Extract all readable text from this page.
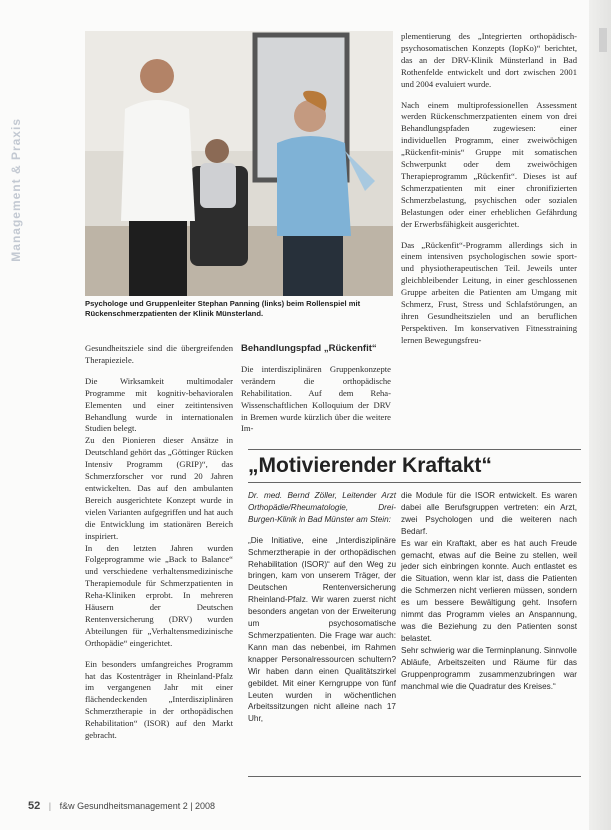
Management & Praxis
Psychologe und Gruppenleiter Stephan Panning (links) beim Rollenspiel mit Rückenschmerzpatienten der Klinik Münsterland.

plementierung des „Integrierten orthopädisch-psychosomatischen Konzepts (IopKo)“ berichtet, das an der DRV-Klinik Münsterland in Bad Rothenfelde entwickelt und dort zwischen 2001 und 2004 evaluiert wurde.

Nach einem multiprofessionellen Assessment werden Rückenschmerzpatienten einem von drei Behandlungspfaden zugewiesen: einer individuellen Programm, einer zweiwöchigen „Rückenfit-minis“ Gruppe mit somatischen Schwerpunkt oder dem zweiwöchigen Therapieprogramm „Rückenfit“. Dieses ist auf Schmerzpatienten mit einer chronifizierten Schmerzbelastung, psychischen oder sozialen Belastungen oder einer erheblichen Gefährdung der Erwerbsfähigkeit ausgerichtet.

Das „Rückenfit“-Programm allerdings sich in einem intensiven psychologischen sowie sport- und physiotherapeutischen Teil. Jeweils unter gleichbleibender Leitung, in einer geschlossenen Gruppe arbeiten die Patienten am Umgang mit Schmerz, Frust, Stress und Schlafstörungen, an ihren Gesundheitszielen und an beruflichen Perspektiven. Im konservativen Fitnesstraining lernen Bewegungsfreu-

Gesundheitsziele sind die übergreifenden Therapieziele.

Die Wirksamkeit multimodaler Programme mit kognitiv-behavioralen Elementen und einer zeitintensiven Behandlung wurde in internationalen Studien belegt.

Zu den Pionieren dieser Ansätze in Deutschland gehört das „Göttinger Rücken Intensiv Programm (GRIP)“, das Schmerzforscher vor rund 20 Jahren entwickelten. Das auf den ambulanten Bereich ausgerichtete Konzept wurde in vielen Varianten aufgegriffen und hat auch die Entwicklung im stationären Bereich inspiriert.

In den letzten Jahren wurden Folgeprogramme wie „Back to Balance“ und verschiedene verhaltensmedizinische Therapiemodule für Schmerzpatienten in Reha-Kliniken erprobt. In mehreren Häusern der Deutschen Rentenversicherung (DRV) wurden Abteilungen für „Verhaltensmedizinische Orthopädie“ eingerichtet.

Ein besonders umfangreiches Programm hat das Kostenträger in Rheinland-Pfalz im vergangenen Jahr mit einer flächendeckenden „Interdisziplinären Schmerztherapie in der orthopädischen Rehabilitation“ (ISOR) auf den Markt gebracht.

Behandlungspfad „Rückenfit“

Die interdisziplinären Gruppenkonzepte verändern die orthopädische Rehabilitation. Auf dem Reha-Wissenschaftlichen Kolloquium der DRV in Bremen wurde kürzlich über die weitere Im-

„Motivierender Kraftakt“

Dr. med. Bernd Zöller, Leitender Arzt Orthopädie/Rheumatologie, Drei-Burgen-Klinik in Bad Münster am Stein:

„Die Initiative, eine „Interdisziplinäre Schmerztherapie in der orthopädischen Rehabilitation (ISOR)“ auf den Weg zu bringen, kam von unserem Träger, der Deutschen Rentenversicherung Rheinland-Pfalz. Wir waren zuerst nicht besonders angetan von der Erweiterung um psychosomatische Schmerzpatienten. Die Frage war auch: Kann man das nebenbei, im Rahmen knapper Personalressourcen schultern? Wir haben dann einen Qualitätszirkel gebildet. Mit einer Kerngruppe von fünf Leuten wurden in wöchentlichen Arbeitssitzungen nicht alleine nach 17 Uhr,

die Module für die ISOR entwickelt. Es waren dabei alle Berufsgruppen vertreten: ein Arzt, zwei Psychologen und die weiteren nach Bedarf.

Es war ein Kraftakt, aber es hat auch Freude gemacht, etwas auf die Beine zu stellen, weil jeder sich einbringen konnte. Auch entlastet es die Situation, wenn klar ist, dass die Patienten die Schmerzen nicht verlieren müssen, sondern es um bessere Bewältigung geht. Insofern nimmt das Programm vieles an Anspannung, was die Beziehung zu den Patienten sonst belastet.

Sehr schwierig war die Terminplanung. Sinnvolle Abläufe, Arbeitszeiten und Räume für das Gruppenprogramm zusammenzubringen war manchmal wie die Quadratur des Kreises.“

52 | f&w Gesundheitsmanagement 2 | 2008
